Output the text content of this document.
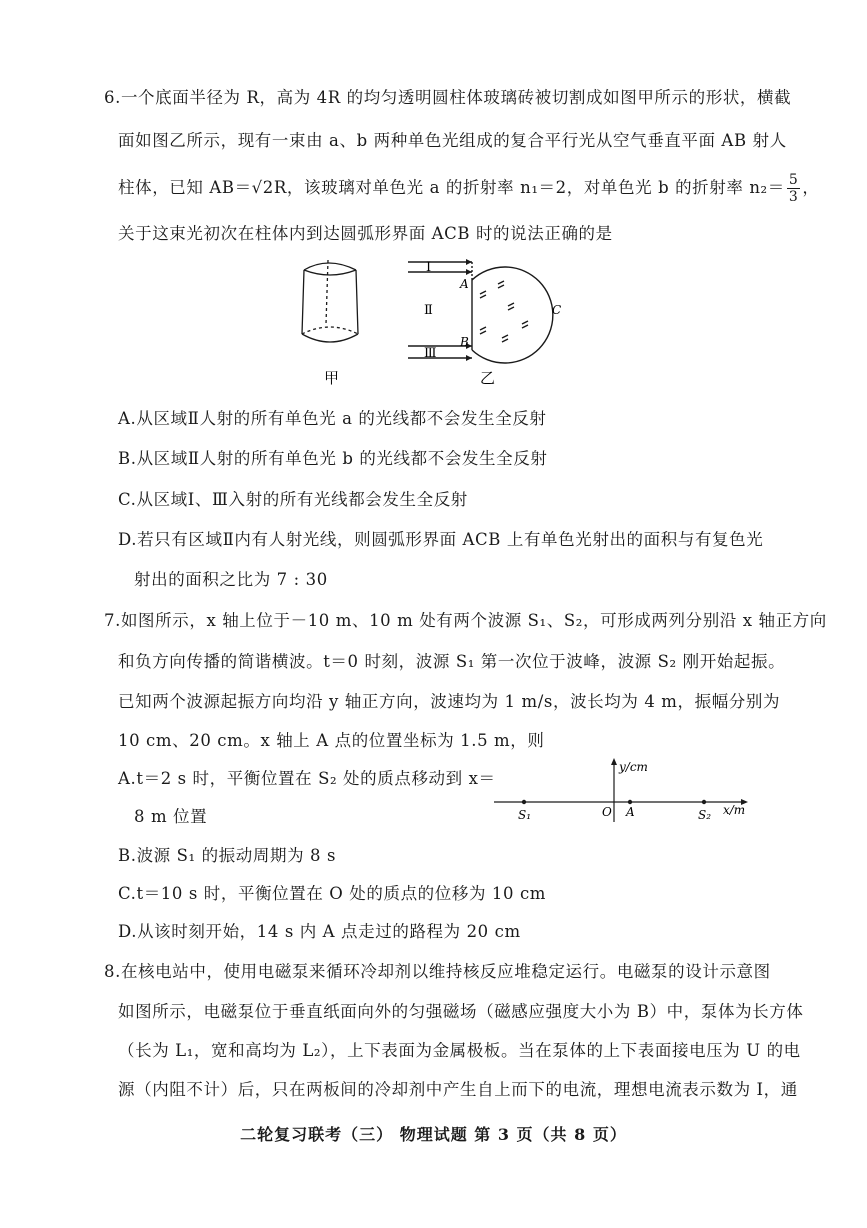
6.一个底面半径为 R，高为 4R 的均匀透明圆柱体玻璃砖被切割成如图甲所示的形状，横截
面如图乙所示，现有一束由 a、b 两种单色光组成的复合平行光从空气垂直平面 AB 射人
柱体，已知 AB＝√2R，该玻璃对单色光 a 的折射率 n₁＝2，对单色光 b 的折射率 $n_2= \frac{5}{3}$ ，
关于这束光初次在柱体内到达圆弧形界面 ACB 时的说法正确的是
甲
Ⅰ
Ⅱ
Ⅲ
A
B
C
乙
A.从区域Ⅱ人射的所有单色光 a 的光线都不会发生全反射
B.从区域Ⅱ人射的所有单色光 b 的光线都不会发生全反射
C.从区域Ⅰ、Ⅲ入射的所有光线都会发生全反射
D.若只有区域Ⅱ内有人射光线，则圆弧形界面 ACB 上有单色光射出的面积与有复色光
射出的面积之比为 7 : 30
7.如图所示，x 轴上位于－10 m、10 m 处有两个波源 S₁、S₂，可形成两列分别沿 x 轴正方向
和负方向传播的简谐横波。t＝0 时刻，波源 S₁ 第一次位于波峰，波源 S₂ 刚开始起振。
已知两个波源起振方向均沿 y 轴正方向，波速均为 1 m/s，波长均为 4 m，振幅分别为
10 cm、20 cm。x 轴上 A 点的位置坐标为 1.5 m，则
A.t＝2 s 时，平衡位置在 S₂ 处的质点移动到 x＝
8 m 位置
B.波源 S₁ 的振动周期为 8 s
C.t＝10 s 时，平衡位置在 O 处的质点的位移为 10 cm
D.从该时刻开始，14 s 内 A 点走过的路程为 20 cm
y/cm
x/m
S₁	O A	S₂
8.在核电站中，使用电磁泵来循环冷却剂以维持核反应堆稳定运行。电磁泵的设计示意图
如图所示，电磁泵位于垂直纸面向外的匀强磁场（磁感应强度大小为 B）中，泵体为长方体
（长为 L₁，宽和高均为 L₂），上下表面为金属极板。当在泵体的上下表面接电压为 U 的电
源（内阻不计）后，只在两板间的冷却剂中产生自上而下的电流，理想电流表示数为 I，通
二轮复习联考（三） 物理试题 第 3 页（共 8 页）
